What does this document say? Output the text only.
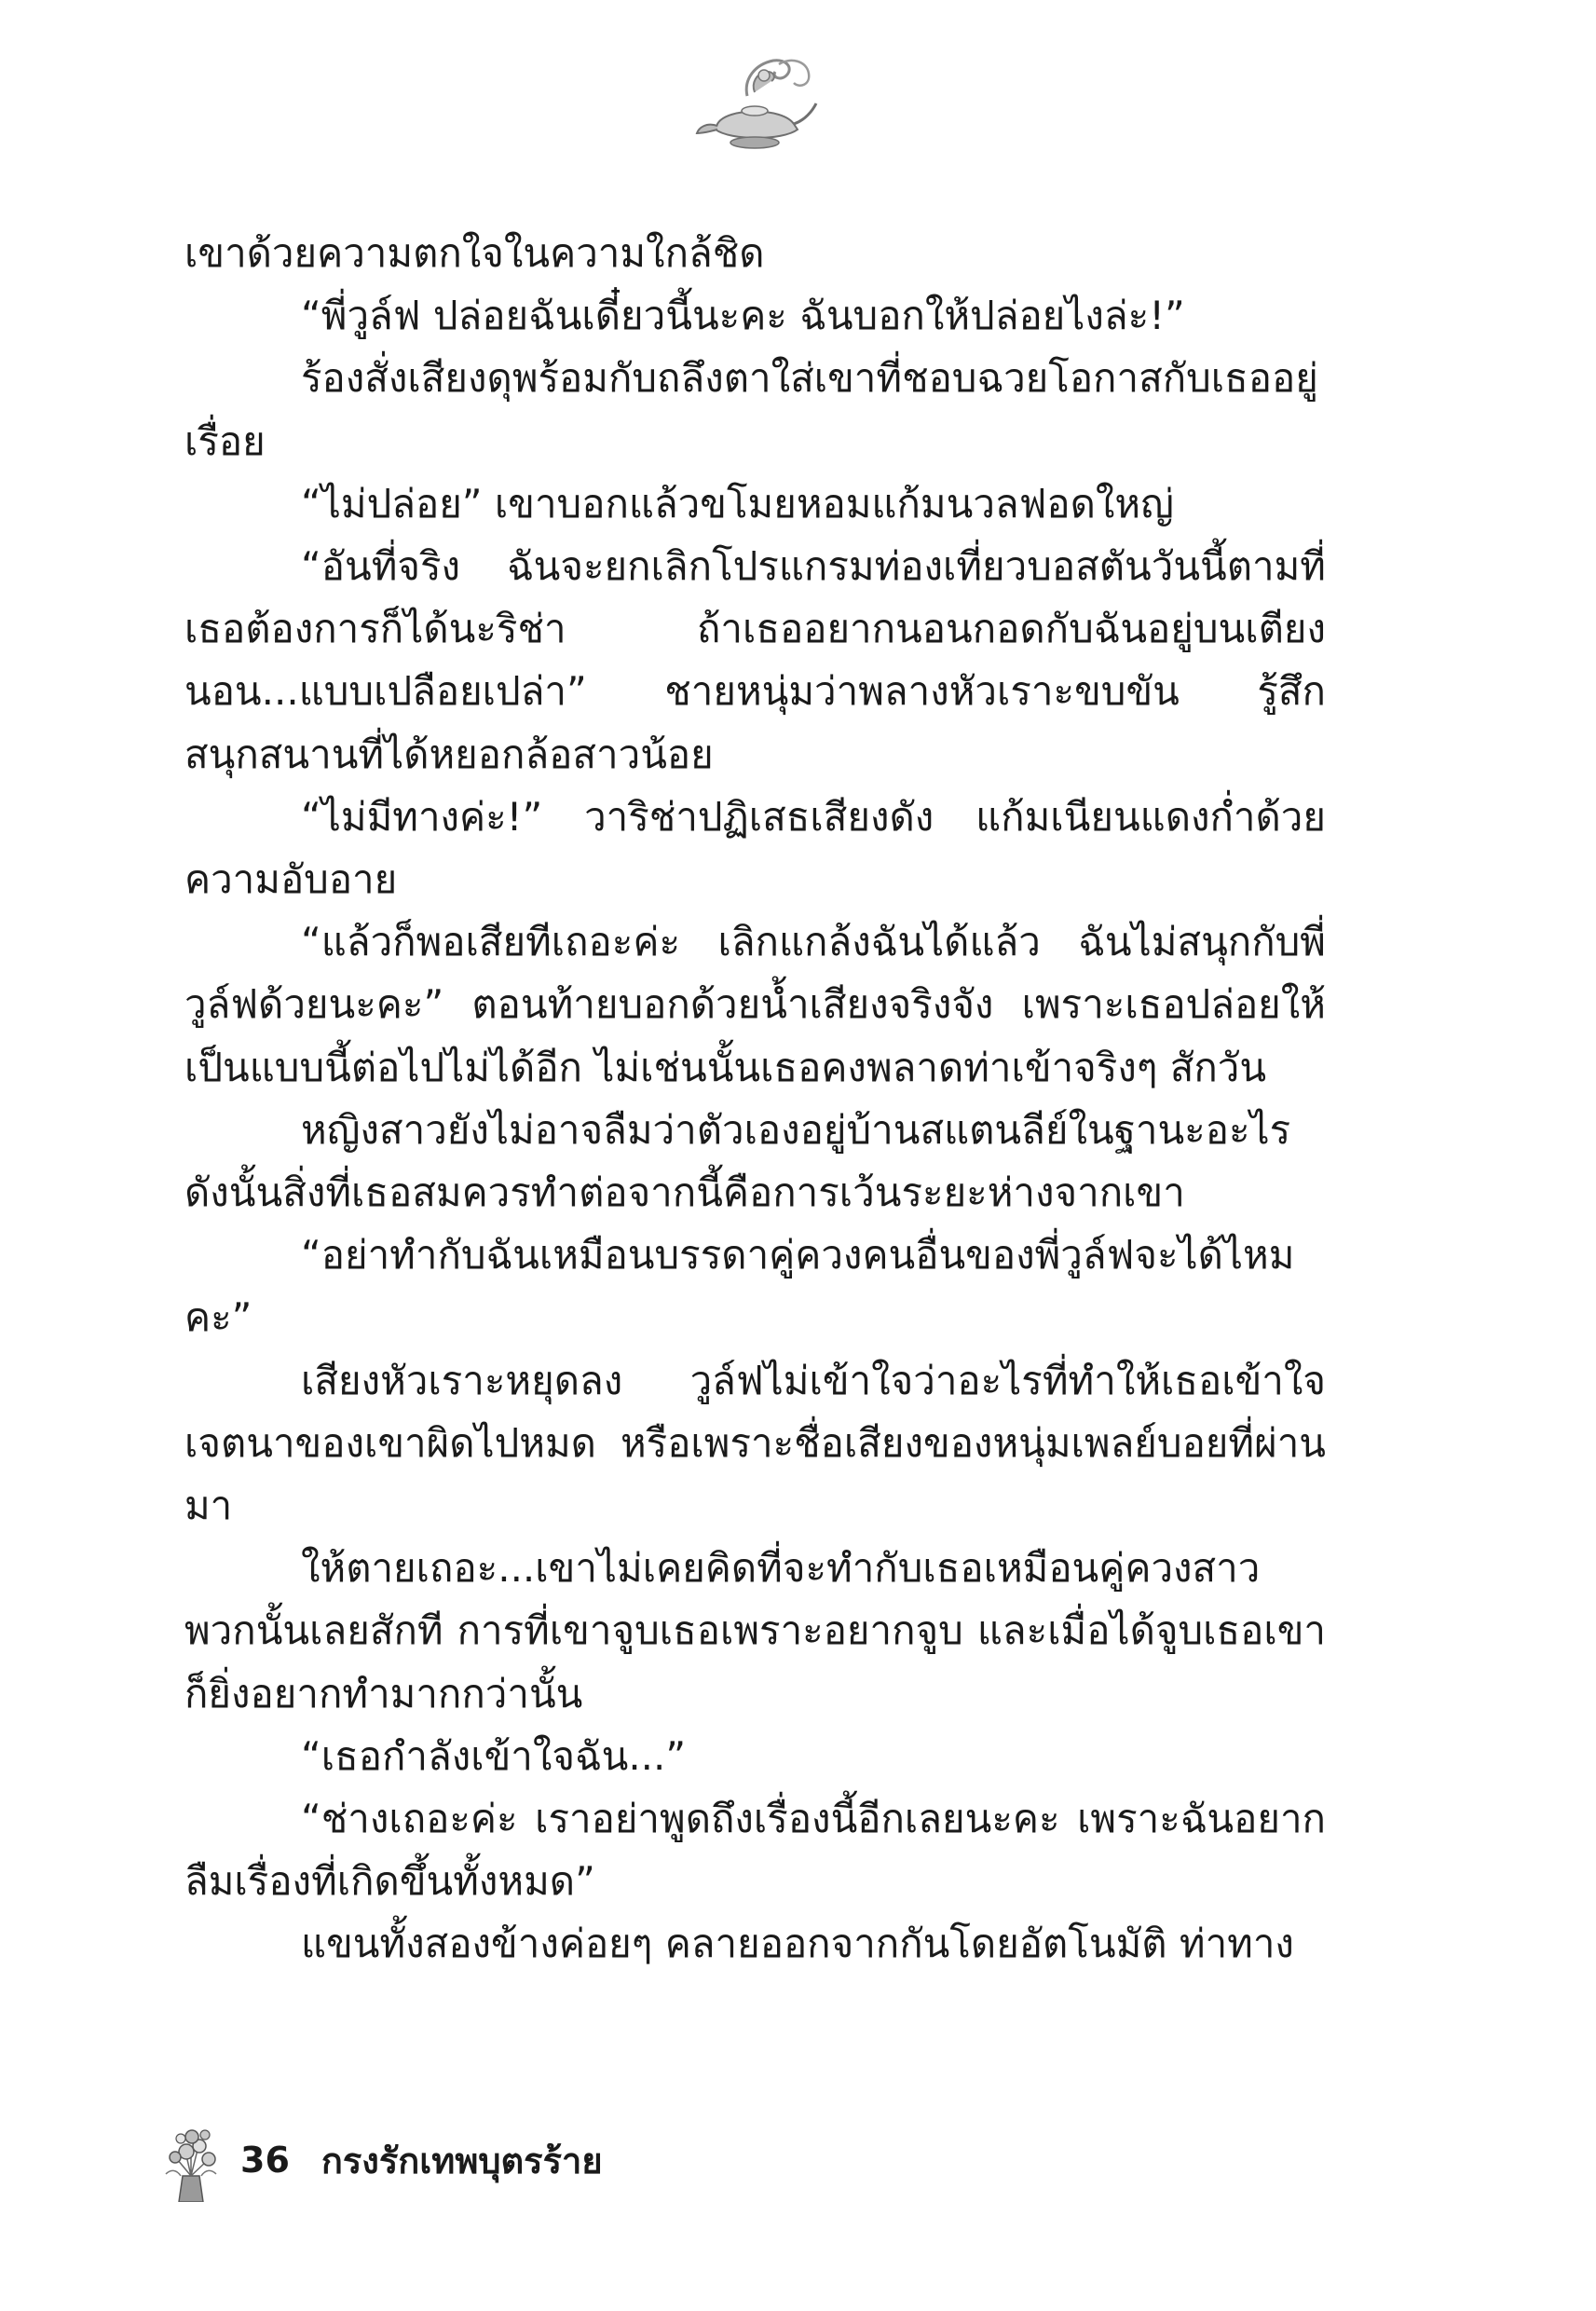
เขาด้วยความตกใจในความใกล้ชิด

“พี่วูล์ฟ ปล่อยฉันเดี๋ยวนี้นะคะ ฉันบอกให้ปล่อยไงล่ะ!”

ร้องสั่งเสียงดุพร้อมกับถลึงตาใส่เขาที่ชอบฉวยโอกาสกับเธออยู่เรื่อย

“ไม่ปล่อย” เขาบอกแล้วขโมยหอมแก้มนวลฟอดใหญ่

“อันที่จริง ฉันจะยกเลิกโปรแกรมท่องเที่ยวบอสตันวันนี้ตามที่เธอต้องการก็ได้นะริช่า ถ้าเธออยากนอนกอดกับฉันอยู่บนเตียงนอน...แบบเปลือยเปล่า” ชายหนุ่มว่าพลางหัวเราะขบขัน รู้สึกสนุกสนานที่ได้หยอกล้อสาวน้อย

“ไม่มีทางค่ะ!” วาริช่าปฏิเสธเสียงดัง แก้มเนียนแดงก่ำด้วยความอับอาย

“แล้วก็พอเสียทีเถอะค่ะ เลิกแกล้งฉันได้แล้ว ฉันไม่สนุกกับพี่วูล์ฟด้วยนะคะ” ตอนท้ายบอกด้วยน้ำเสียงจริงจัง เพราะเธอปล่อยให้เป็นแบบนี้ต่อไปไม่ได้อีก ไม่เช่นนั้นเธอคงพลาดท่าเข้าจริงๆ สักวัน

หญิงสาวยังไม่อาจลืมว่าตัวเองอยู่บ้านสแตนลีย์ในฐานะอะไร ดังนั้นสิ่งที่เธอสมควรทำต่อจากนี้คือการเว้นระยะห่างจากเขา

“อย่าทำกับฉันเหมือนบรรดาคู่ควงคนอื่นของพี่วูล์ฟจะได้ไหมคะ”

เสียงหัวเราะหยุดลง วูล์ฟไม่เข้าใจว่าอะไรที่ทำให้เธอเข้าใจเจตนาของเขาผิดไปหมด หรือเพราะชื่อเสียงของหนุ่มเพลย์บอยที่ผ่านมา

ให้ตายเถอะ...เขาไม่เคยคิดที่จะทำกับเธอเหมือนคู่ควงสาวพวกนั้นเลยสักที การที่เขาจูบเธอเพราะอยากจูบ และเมื่อได้จูบเธอเขาก็ยิ่งอยากทำมากกว่านั้น

“เธอกำลังเข้าใจฉัน...”

“ช่างเถอะค่ะ เราอย่าพูดถึงเรื่องนี้อีกเลยนะคะ เพราะฉันอยากลืมเรื่องที่เกิดขึ้นทั้งหมด”

แขนทั้งสองข้างค่อยๆ คลายออกจากกันโดยอัตโนมัติ ท่าทาง

36 กรงรักเทพบุตรร้าย
